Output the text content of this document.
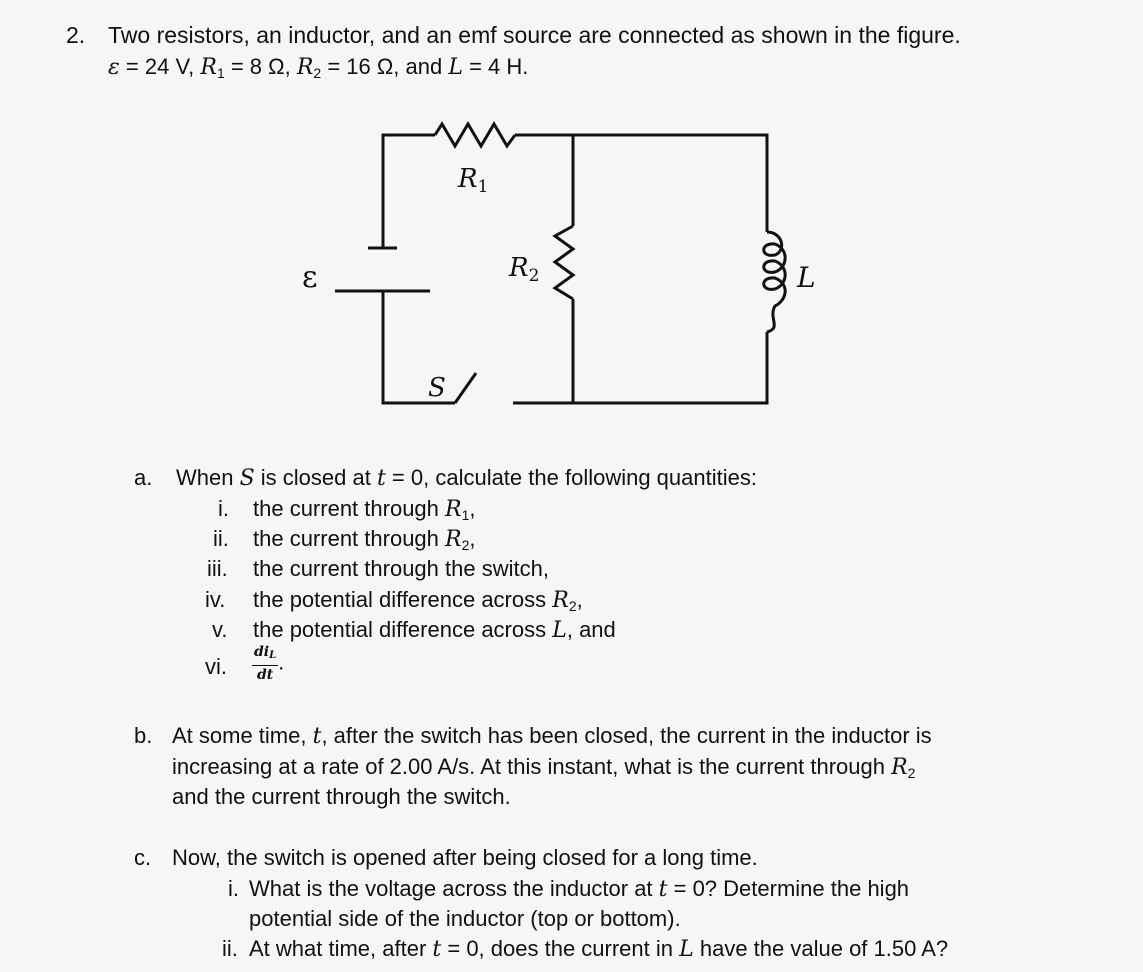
2. Two resistors, an inductor, and an emf source are connected as shown in the figure.
ε = 24 V, $R_1 = 8$ Ω, $R_2 = 16$ Ω, and L = 4 H.
R1
R2
ε	L
S
a. When S is closed at t = 0, calculate the following quantities:
i. the current through $R_1$,
ii. the current through $R_2$,
iii. the current through the switch,
iv. the potential difference across $R_2$,
v. the potential difference across L, and
vi. $\frac{di_L}{dt}$ .
b. At some time, t, after the switch has been closed, the current in the inductor is
increasing at a rate of 2.00 A/s. At this instant, what is the current through $R_2$
and the current through the switch.
c. Now, the switch is opened after being closed for a long time.
i. What is the voltage across the inductor at t = 0? Determine the high
potential side of the inductor (top or bottom).
ii. At what time, after t = 0, does the current in L have the value of 1.50 A?
